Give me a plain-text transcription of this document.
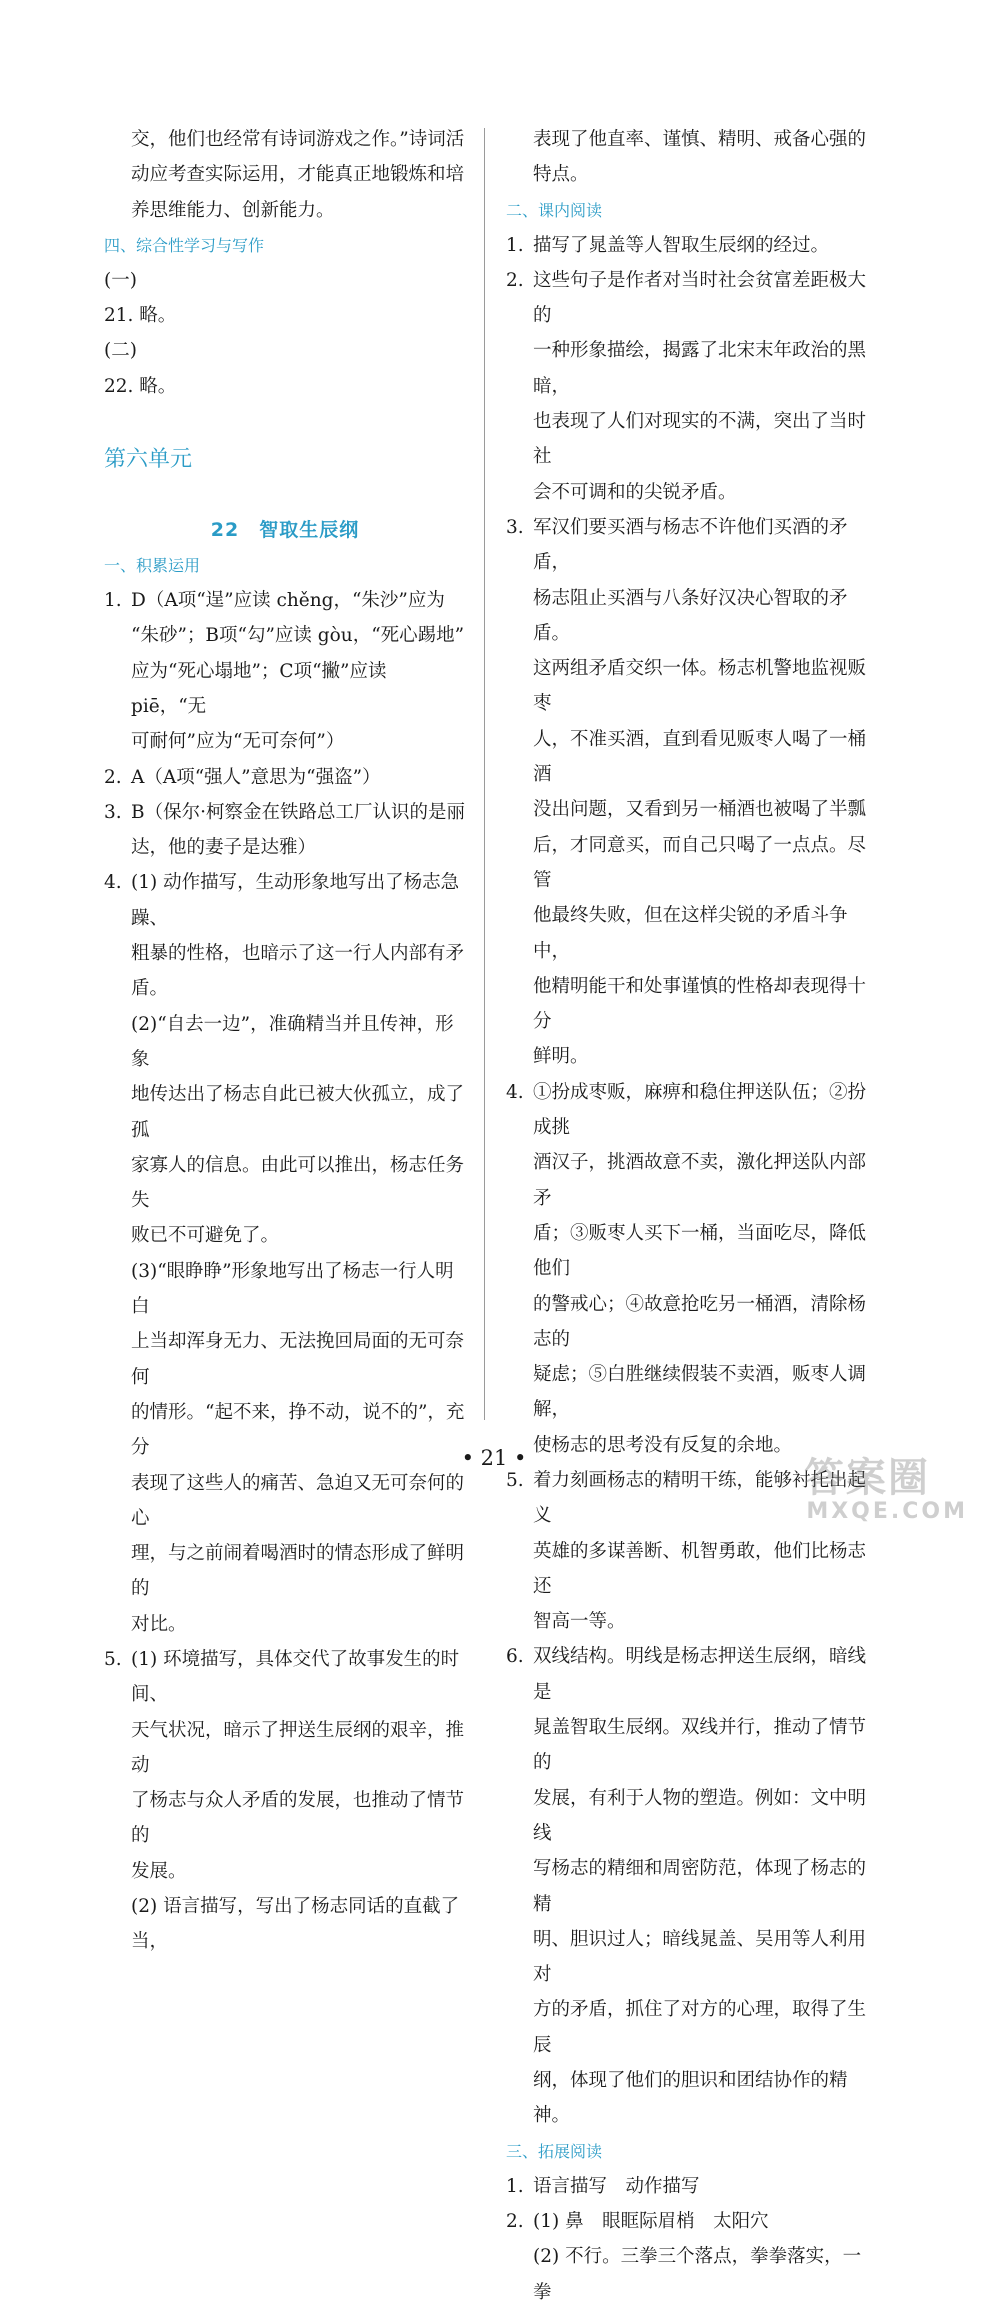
交，他们也经常有诗词游戏之作。”诗词活

动应考查实际运用，才能真正地锻炼和培

养思维能力、创新能力。

四、综合性学习与写作

(一)

21. 略。

(二)

22. 略。

第六单元

22　智取生辰纲

一、积累运用

1. D（A项“逞”应读 chěng，“朱沙”应为

“朱砂”；B项“勾”应读 gòu，“死心踢地”

应为“死心塌地”；C项“撇”应读 piē，“无

可耐何”应为“无可奈何”）

2. A（A项“强人”意思为“强盗”）

3. B（保尔·柯察金在铁路总工厂认识的是丽

达，他的妻子是达雅）

4. (1) 动作描写，生动形象地写出了杨志急躁、

粗暴的性格，也暗示了这一行人内部有矛盾。

(2)“自去一边”，准确精当并且传神，形象

地传达出了杨志自此已被大伙孤立，成了孤

家寡人的信息。由此可以推出，杨志任务失

败已不可避免了。

(3)“眼睁睁”形象地写出了杨志一行人明白

上当却浑身无力、无法挽回局面的无可奈何

的情形。“起不来，挣不动，说不的”，充分

表现了这些人的痛苦、急迫又无可奈何的心

理，与之前闹着喝酒时的情态形成了鲜明的

对比。

5. (1) 环境描写，具体交代了故事发生的时间、

天气状况，暗示了押送生辰纲的艰辛，推动

了杨志与众人矛盾的发展，也推动了情节的

发展。

(2) 语言描写，写出了杨志同话的直截了当，

表现了他直率、谨慎、精明、戒备心强的

特点。

二、课内阅读

1. 描写了晁盖等人智取生辰纲的经过。

2. 这些句子是作者对当时社会贫富差距极大的

一种形象描绘，揭露了北宋末年政治的黑暗，

也表现了人们对现实的不满，突出了当时社

会不可调和的尖锐矛盾。

3. 军汉们要买酒与杨志不许他们买酒的矛盾，

杨志阻止买酒与八条好汉决心智取的矛盾。

这两组矛盾交织一体。杨志机警地监视贩枣

人，不准买酒，直到看见贩枣人喝了一桶酒

没出问题，又看到另一桶酒也被喝了半瓢

后，才同意买，而自己只喝了一点点。尽管

他最终失败，但在这样尖锐的矛盾斗争中，

他精明能干和处事谨慎的性格却表现得十分

鲜明。

4. ①扮成枣贩，麻痹和稳住押送队伍；②扮成挑

酒汉子，挑酒故意不卖，激化押送队内部矛

盾；③贩枣人买下一桶，当面吃尽，降低他们

的警戒心；④故意抢吃另一桶酒，清除杨志的

疑虑；⑤白胜继续假装不卖酒，贩枣人调解，

使杨志的思考没有反复的余地。

5. 着力刻画杨志的精明干练，能够衬托出起义

英雄的多谋善断、机智勇敢，他们比杨志还

智高一等。

6. 双线结构。明线是杨志押送生辰纲，暗线是

晁盖智取生辰纲。双线并行，推动了情节的

发展，有利于人物的塑造。例如：文中明线

写杨志的精细和周密防范，体现了杨志的精

明、胆识过人；暗线晁盖、吴用等人利用对

方的矛盾，抓住了对方的心理，取得了生辰

纲，体现了他们的胆识和团结协作的精神。

三、拓展阅读

1. 语言描写　动作描写

2. (1) 鼻　眼眶际眉梢　太阳穴

(2) 不行。三拳三个落点，拳拳落实，一拳

• 21 •	答案圈
MXQE.COM
